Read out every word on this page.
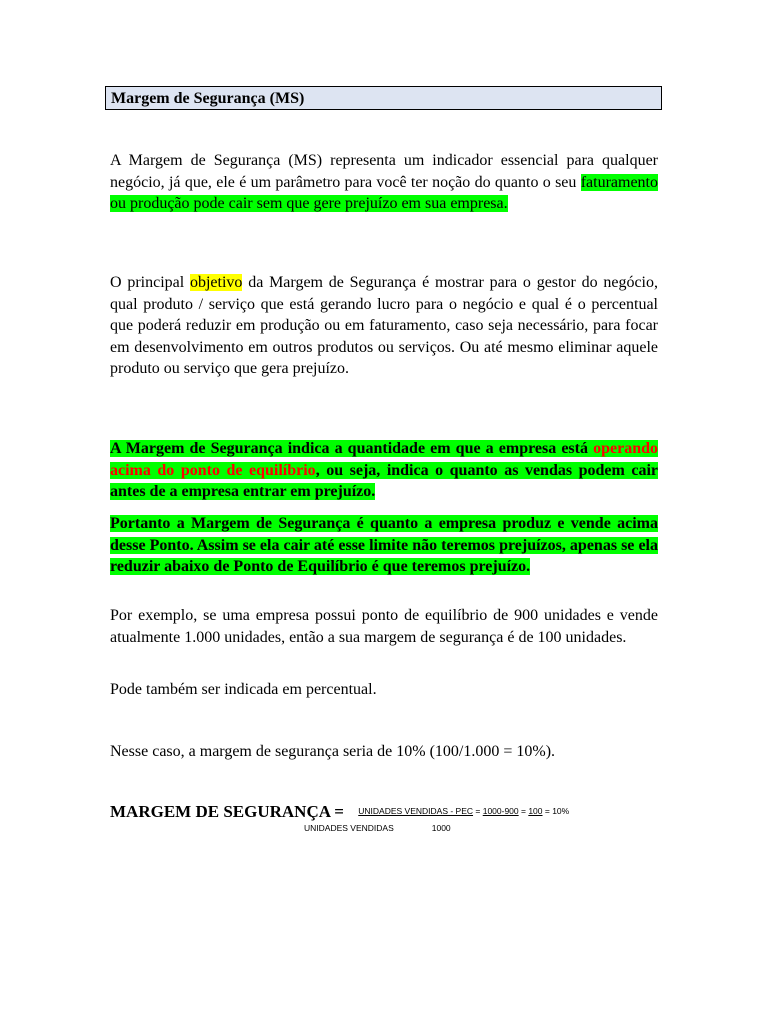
Margem de Segurança (MS)

A Margem de Segurança (MS) representa um indicador essencial para qualquer negócio, já que, ele é um parâmetro para você ter noção do quanto o seu faturamento ou produção pode cair sem que gere prejuízo em sua empresa.

O principal objetivo da Margem de Segurança é mostrar para o gestor do negócio, qual produto / serviço que está gerando lucro para o negócio e qual é o percentual que poderá reduzir em produção ou em faturamento, caso seja necessário, para focar em desenvolvimento em outros produtos ou serviços. Ou até mesmo eliminar aquele produto ou serviço que gera prejuízo.

A Margem de Segurança indica a quantidade em que a empresa está operando acima do ponto de equilíbrio, ou seja, indica o quanto as vendas podem cair antes de a empresa entrar em prejuízo.

Portanto a Margem de Segurança é quanto a empresa produz e vende acima desse Ponto. Assim se ela cair até esse limite não teremos prejuízos, apenas se ela reduzir abaixo de Ponto de Equilíbrio é que teremos prejuízo.

Por exemplo, se uma empresa possui ponto de equilíbrio de 900 unidades e vende atualmente 1.000 unidades, então a sua margem de segurança é de 100 unidades.

Pode também ser indicada em percentual.

Nesse caso, a margem de segurança seria de 10% (100/1.000 = 10%).

MARGEM DE SEGURANÇA = UNIDADES VENDIDAS - PEC = 1000-900 = 100 = 10%
UNIDADES VENDIDAS	1000
